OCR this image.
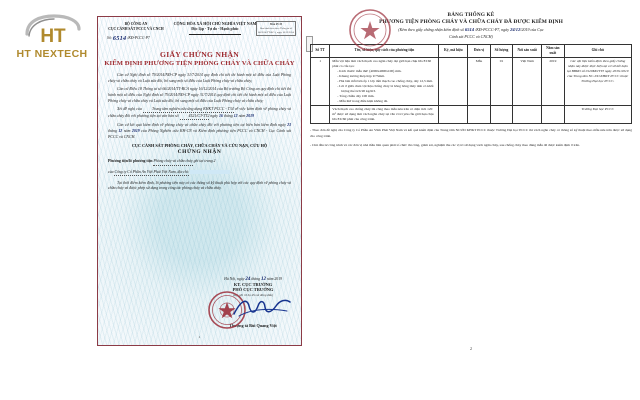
HT
HT NEXTECH
BỘ CÔNG AN
CỤC CẢNH SÁT PCCC VÀ CNCH
CỘNG HÒA XÃ HỘI CHỦ NGHĨA VIỆT NAM
Độc lập - Tự do - Hạnh phúc
Mẫu PC35
Ban hành kèm theo Thông tư số 66/2014/TT-BCA, ngày 16/12/2014
Số: 6514 /KĐ-PCCC-P7
GIẤY CHỨNG NHẬN
KIỂM ĐỊNH PHƯƠNG TIỆN PHÒNG CHÁY VÀ CHỮA CHÁY

Căn cứ Nghị định số 79/2014/NĐ-CP ngày 31/7/2014 quy định chi tiết thi hành một số điều của Luật Phòng cháy và chữa cháy và Luật sửa đổi, bổ sung một số điều của Luật Phòng cháy và chữa cháy;

Căn cứ Điều 18 Thông tư số 66/2014/TT-BCA ngày 16/12/2014 của Bộ trưởng Bộ Công an quy định chi tiết thi hành một số điều của Nghị định số 79/2014/NĐ-CP ngày 31/7/2014 quy định chi tiết thi hành một số điều của Luật Phòng cháy và chữa cháy và Luật sửa đổi, bổ sung một số điều của Luật Phòng cháy và chữa cháy;

Xét đề nghị của	Trung tâm nghiên cứu ứng dụng KHKT PCCC - T34 về việc kiểm định về phòng cháy và chữa cháy đối với phương tiện tại văn bản số	4521/CT-TT2 ngày 16 tháng 12 năm 2019

Căn cứ kết quả kiểm định về phòng cháy và chữa cháy đối với phương tiện tại biên bản kiểm định ngày 23 tháng 12 năm 2019 của Phòng Nghiên cứu KH-CN và Kiểm định phương tiện PCCC và CNCH - Cục Cảnh sát PCCC và CNCH.

CỤC CẢNH SÁT PHÒNG CHÁY, CHỮA CHÁY VÀ CỨU NẠN, CỨU HỘ
CHỨNG NHẬN
Phương tiện/lô phương tiện Phòng cháy và chữa cháy ghi tại trang 2
của Công ty Cổ Phần An Việt Phát Việt Nam, địa chỉ:

Tại thời điểm kiểm định, lô phương tiện này có các thông số kỹ thuật phù hợp với các quy định về phòng cháy và chữa cháy và được phép sử dụng trong công tác phòng cháy và chữa cháy.

Hà Nội, ngày 24 tháng 12 năm 2019
KT. CỤC TRƯỞNG
PHÓ CỤC TRƯỞNG
(Ký, ghi rõ họ tên và đóng dấu)
Thượng tá Bùi Quang Việt
1
BẢNG THỐNG KÊ
PHƯƠNG TIỆN PHÒNG CHÁY VÀ CHỮA CHÁY ĐÃ ĐƯỢC KIỂM ĐỊNH
(Kèm theo giấy chứng nhận kiểm định số 6514 /KĐ-PCCC-P7, ngày 24/12/2019 của Cục
Cảnh sát PCCC và CNCH)
Số TT	Tên, số hiệu, quy cách của phương tiện	Ký, mã hiệu	Đơn vị	Số lượng	Nơi sản xuất	Năm sản xuất	Ghi chú
1	Mẫu vật liệu làm vách thạch cao ngăn cháy đạt giới hạn chịu lửa EI 60 phút có cấu tạo:
- Kích thước mẫu thử: (4000x4000x100) mm.
- Khung xương thép hộp U75mm.
- Hai bên mỗi bên ốp 1 lớp tấm thạch cao chống cháy, dày 12,5 mm.
- Lõi ở giữa chèn vật liệu chống cháy là bông bông thủy tinh có khối lượng thể tích 90 kg/m3.
- Tổng chiều dày 100 mm.
- Mẫu thử trong điều kiện không tải.
		Mẫu	01	Việt Nam	2019	Các vật liệu kiểm định theo giấy chứng nhận này được thực hiện tại cơ sở kết luận tại BBKĐ số 0120KĐ/TT3 ngày 20/01/2019 của Trung tâm NC-UD KHKT PCCC thuộc Trường Đại học PCCC.

	Vách thạch cao chống cháy thi công theo mẫu nêu trên có diện tích 120 m² được sử dụng làm vách ngăn cháy tại văn ví trí yêu cầu giới hạn chịu lửa EI≥60 phút của công trình.						Trường Đại học PCCC

- Theo đơn đề nghị của Công ty Cổ Phần An Vĩnh Phát Việt Nam và kết quả kiểm định của Trung tâm NCƯD KHKT PCCC thuộc Trường Đại học PCCC thì vách ngăn cháy có thông số kỹ thuật theo mẫu nêu trên được sử dụng cho công trình.

- Chủ đầu tư công trình và các đơn vị nhà thầu liên quan phải tổ chức thi công, giám sát, nghiệm thu các vị trí sử dụng vách ngăn cháy, sau chống cháy theo đúng mẫu đã được kiểm định ở trên.

2
